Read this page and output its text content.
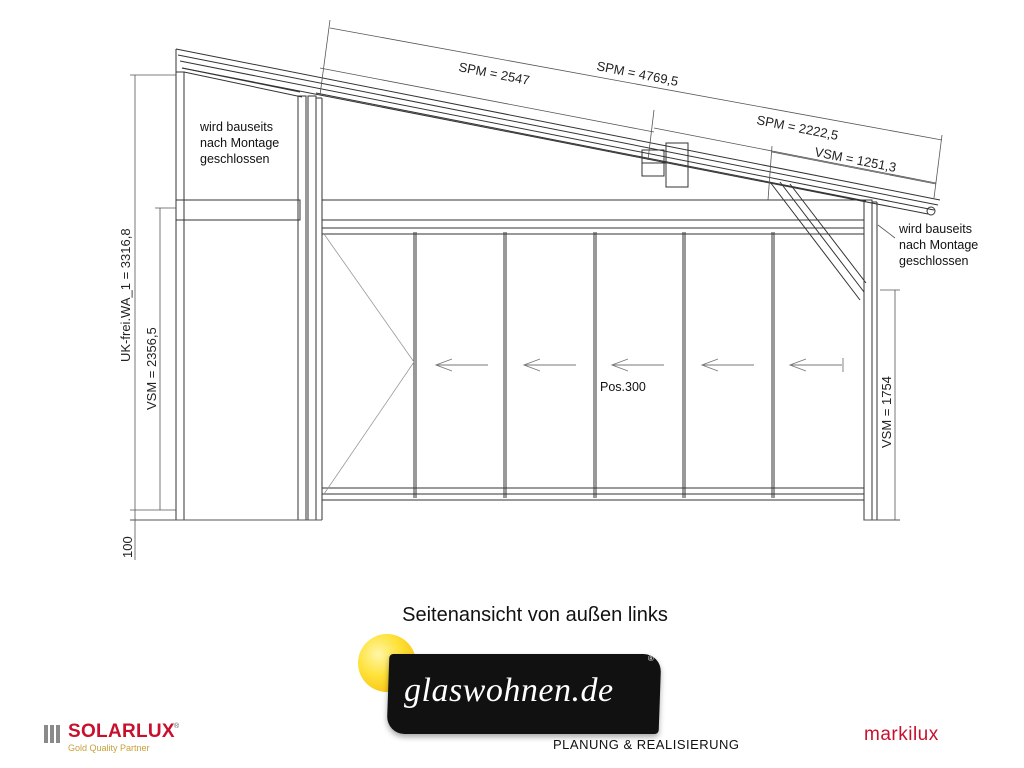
SPM = 2547	SPM = 4769,5
SPM = 2222,5
VSM = 1251,3
UK-frei.WA_1 = 3316,8
VSM = 2356,5
VSM = 1754
100
wird bauseits
nach Montage
geschlossen
wird bauseits
nach Montage
geschlossen
Pos.300
Seitenansicht von außen links
glaswohnen.de
®
PLANUNG & REALISIERUNG
SOLARLUX ®
Gold Quality Partner
markilux
